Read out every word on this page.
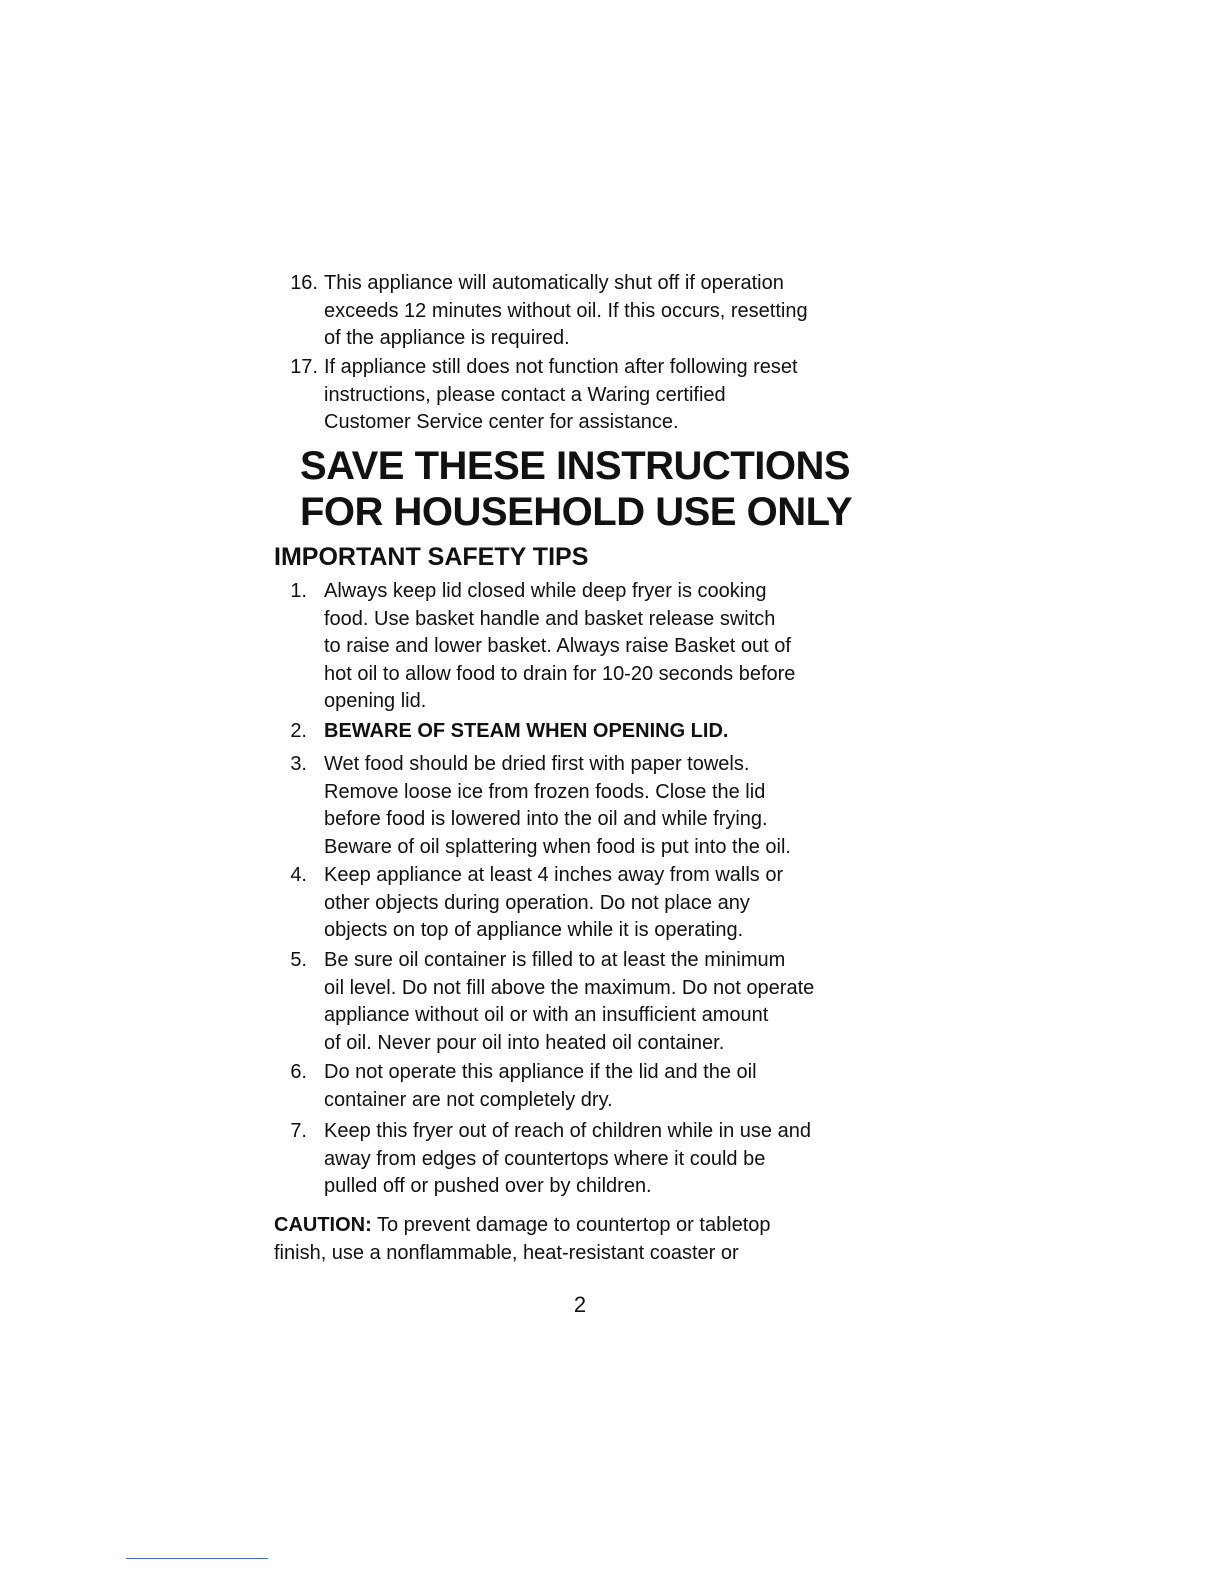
16. This appliance will automatically shut off if operation
exceeds 12 minutes without oil. If this occurs, resetting
of the appliance is required.
17. If appliance still does not function after following reset
instructions, please contact a Waring certified
Customer Service center for assistance.
SAVE THESE INSTRUCTIONS
FOR HOUSEHOLD USE ONLY
IMPORTANT SAFETY TIPS
1. Always keep lid closed while deep fryer is cooking
food. Use basket handle and basket release switch
to raise and lower basket. Always raise Basket out of
hot oil to allow food to drain for 10-20 seconds before
opening lid.
2. BEWARE OF STEAM WHEN OPENING LID.
3. Wet food should be dried first with paper towels.
Remove loose ice from frozen foods. Close the lid
before food is lowered into the oil and while frying.
Beware of oil splattering when food is put into the oil.
4. Keep appliance at least 4 inches away from walls or
other objects during operation. Do not place any
objects on top of appliance while it is operating.
5. Be sure oil container is filled to at least the minimum
oil level. Do not fill above the maximum. Do not operate
appliance without oil or with an insufficient amount
of oil. Never pour oil into heated oil container.
6. Do not operate this appliance if the lid and the oil
container are not completely dry.
7. Keep this fryer out of reach of children while in use and
away from edges of countertops where it could be
pulled off or pushed over by children.
CAUTION: To prevent damage to countertop or tabletop
finish, use a nonflammable, heat-resistant coaster or
2
